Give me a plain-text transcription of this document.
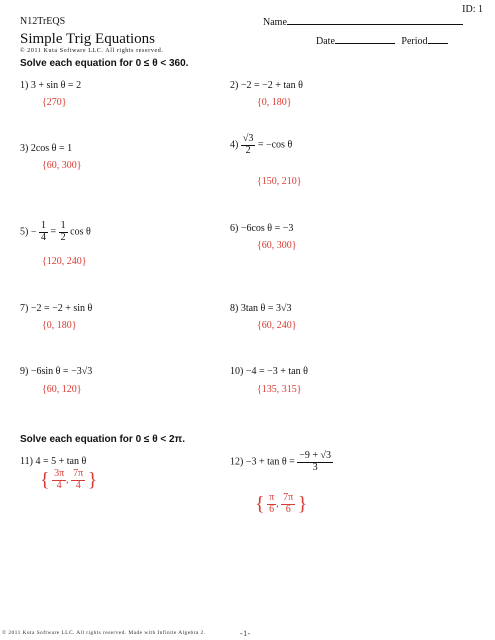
ID: 1
N12TrEQS	Name
Simple Trig Equations	Date	Period
© 2011 Kuta Software LLC. All rights reserved.
Solve each equation for 0 ≤ θ < 360.
1) 3 + sin θ = 2
{270}
2) −2 = −2 + tan θ
{0, 180}
3) 2cos θ = 1
{60, 300}
$4) \frac{√3}{2} = -\cos$ θ
{150, 210}
$5) - \frac{1}{4} = \frac{1}{2}$ cos θ
{120, 240}
6) −6cos θ = −3
{60, 300}
7) −2 = −2 + sin θ
{0, 180}
8) 3tan θ = 3√3
{60, 240}
9) −6sin θ = −3√3
{60, 120}
10) −4 = −3 + tan θ
{135, 315}
Solve each equation for 0 ≤ θ < 2π.
11) 4 = 5 + tan θ
{ $\frac{3\pi}{4}$ , $\frac{7\pi}{4}$ }
$12) -3 + \tan \theta = \frac{-9 + √3}{3}$
{ $\frac{\pi}{6}$ , $\frac{7\pi}{6}$ }
© 2011 Kuta Software LLC. All rights reserved. Made with Infinite Algebra 2.	-1-
